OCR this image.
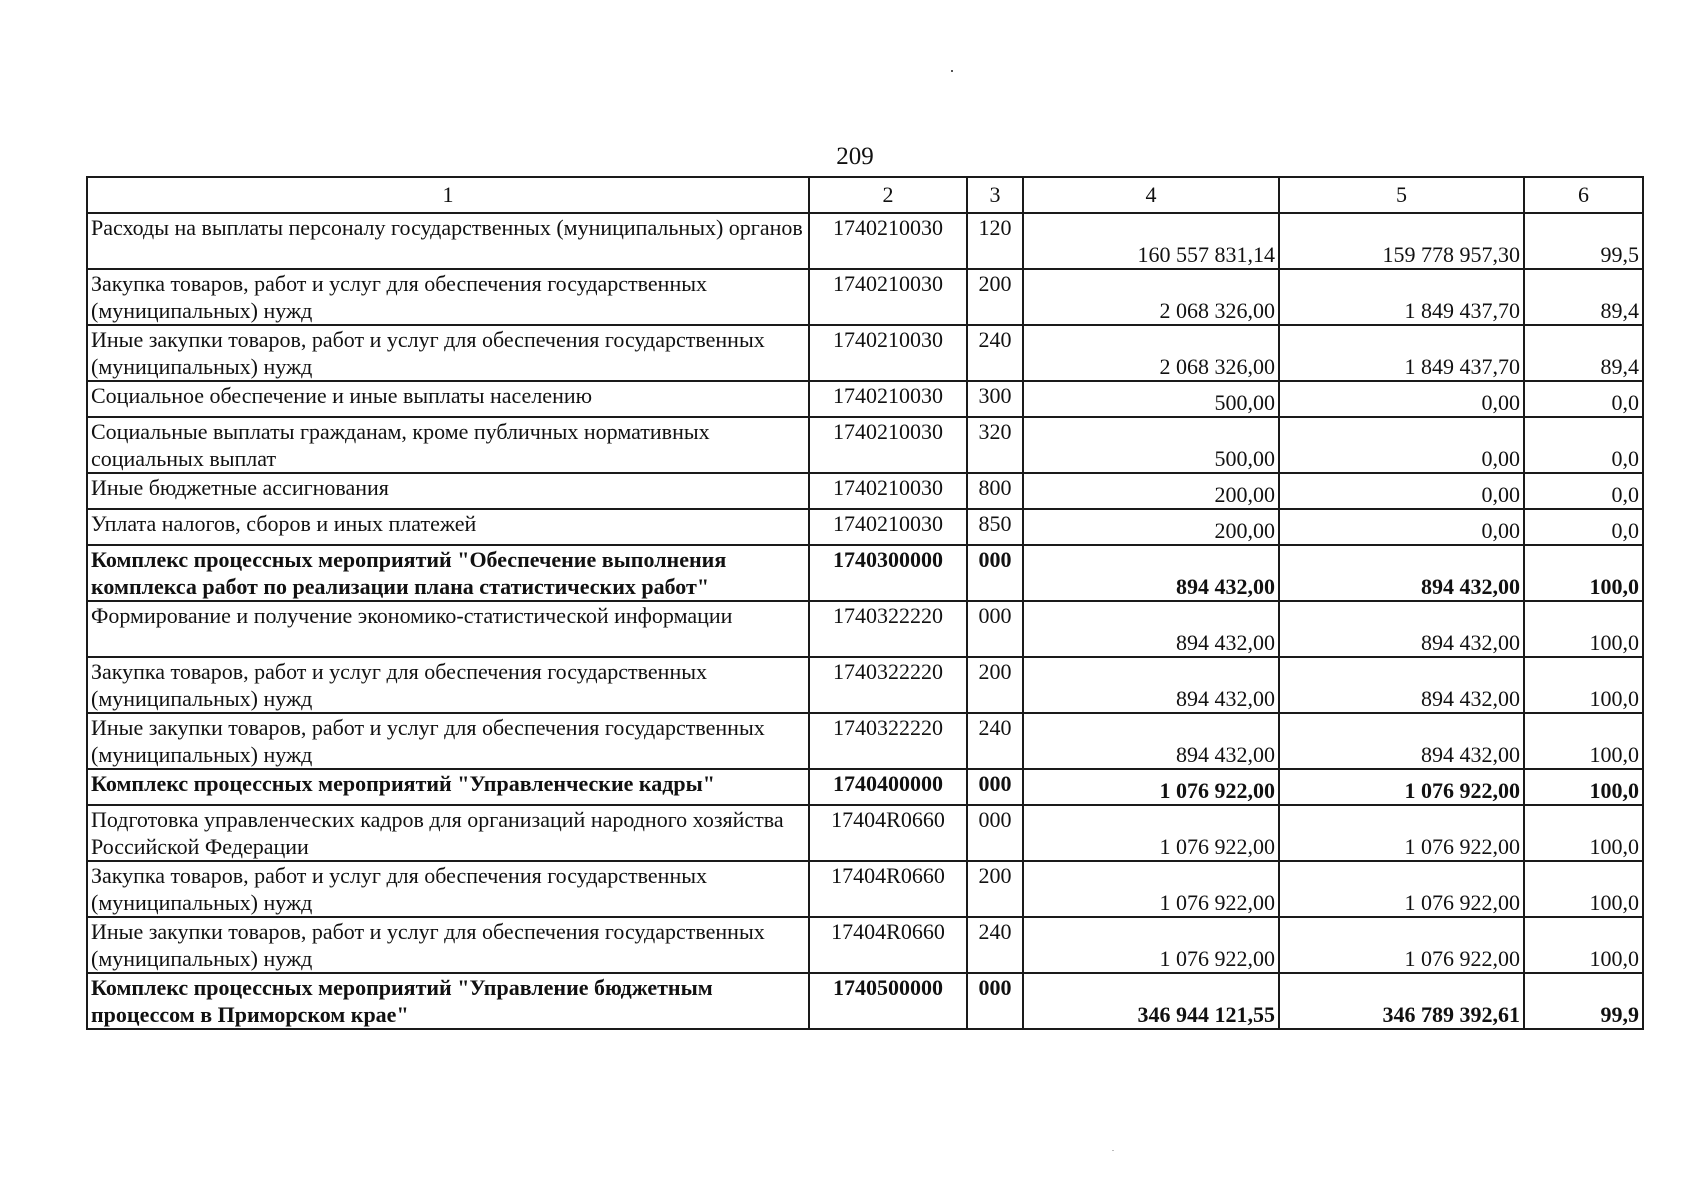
209
1	2	3	4	5	6
Расходы на выплаты персоналу государственных (муниципальных) органов	1740210030	120	160 557 831,14	159 778 957,30	99,5
Закупка товаров, работ и услуг для обеспечения государственных (муниципальных) нужд	1740210030	200	2 068 326,00	1 849 437,70	89,4
Иные закупки товаров, работ и услуг для обеспечения государственных (муниципальных) нужд	1740210030	240	2 068 326,00	1 849 437,70	89,4
Социальное обеспечение и иные выплаты населению	1740210030	300	500,00	0,00	0,0
Социальные выплаты гражданам, кроме публичных нормативных социальных выплат	1740210030	320	500,00	0,00	0,0
Иные бюджетные ассигнования	1740210030	800	200,00	0,00	0,0
Уплата налогов, сборов и иных платежей	1740210030	850	200,00	0,00	0,0
Комплекс процессных мероприятий "Обеспечение выполнения комплекса работ по реализации плана статистических работ"	1740300000	000	894 432,00	894 432,00	100,0
Формирование и получение экономико-статистической информации	1740322220	000	894 432,00	894 432,00	100,0
Закупка товаров, работ и услуг для обеспечения государственных (муниципальных) нужд	1740322220	200	894 432,00	894 432,00	100,0
Иные закупки товаров, работ и услуг для обеспечения государственных (муниципальных) нужд	1740322220	240	894 432,00	894 432,00	100,0
Комплекс процессных мероприятий "Управленческие кадры"	1740400000	000	1 076 922,00	1 076 922,00	100,0
Подготовка управленческих кадров для организаций народного хозяйства Российской Федерации	17404R0660	000	1 076 922,00	1 076 922,00	100,0
Закупка товаров, работ и услуг для обеспечения государственных (муниципальных) нужд	17404R0660	200	1 076 922,00	1 076 922,00	100,0
Иные закупки товаров, работ и услуг для обеспечения государственных (муниципальных) нужд	17404R0660	240	1 076 922,00	1 076 922,00	100,0
Комплекс процессных мероприятий "Управление бюджетным процессом в Приморском крае"	1740500000	000	346 944 121,55	346 789 392,61	99,9
